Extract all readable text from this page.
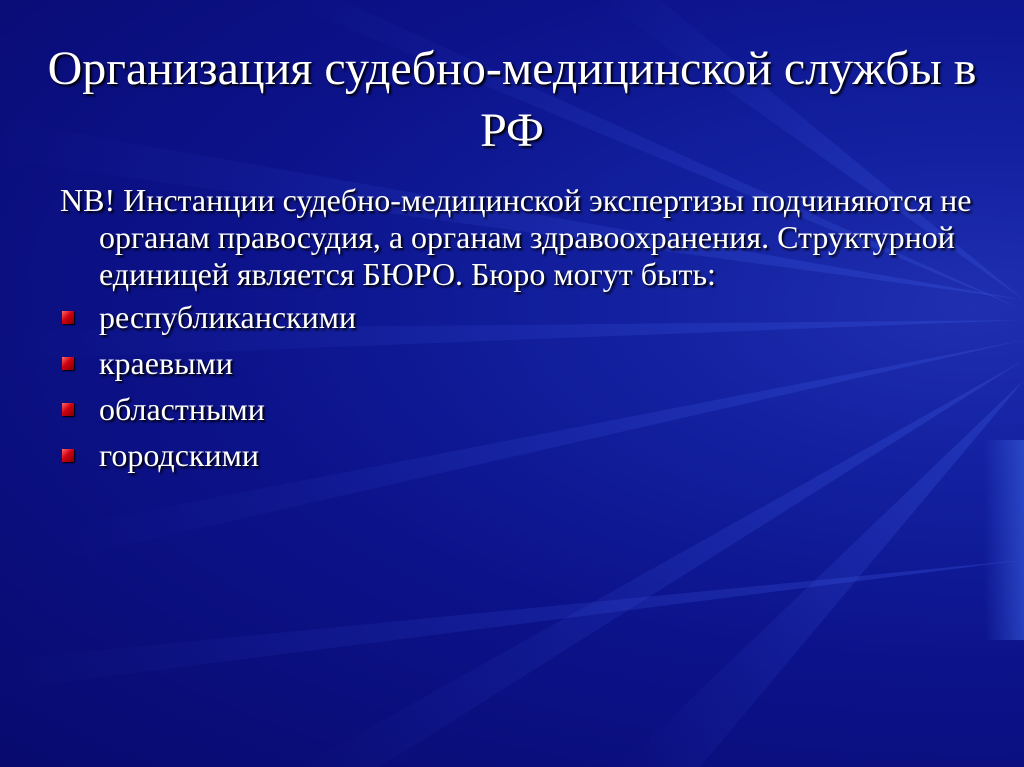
Организация судебно-медицинской службы в РФ

NB! Инстанции судебно-медицинской экспертизы подчиняются не органам правосудия, а органам здравоохранения. Структурной единицей является БЮРО. Бюро могут быть:

республиканскими
краевыми
областными
городскими
